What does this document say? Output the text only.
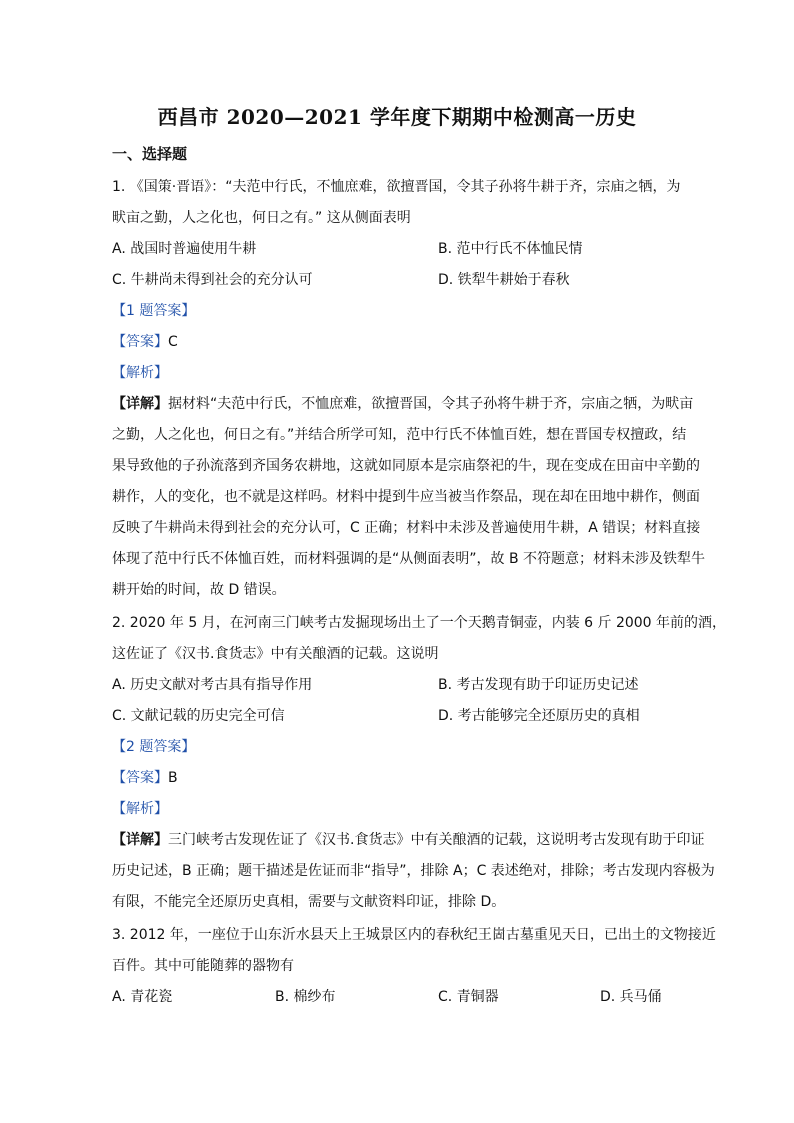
西昌市 2020—2021 学年度下期期中检测高一历史
一、选择题
1. 《国策·晋语》：“夫范中行氏，不恤庶难，欲擅晋国，令其子孙将牛耕于齐，宗庙之牺，为
畎亩之勤，人之化也，何日之有。” 这从侧面表明
A. 战国时普遍使用牛耕	B. 范中行氏不体恤民情
C. 牛耕尚未得到社会的充分认可	D. 铁犁牛耕始于春秋
【1 题答案】
【答案】C
【解析】
【详解】据材料“夫范中行氏，不恤庶难，欲擅晋国，令其子孙将牛耕于齐，宗庙之牺，为畎亩
之勤，人之化也，何日之有。”并结合所学可知，范中行氏不体恤百姓，想在晋国专权擅政，结
果导致他的子孙流落到齐国务农耕地，这就如同原本是宗庙祭祀的牛，现在变成在田亩中辛勤的
耕作，人的变化，也不就是这样吗。材料中提到牛应当被当作祭品，现在却在田地中耕作，侧面
反映了牛耕尚未得到社会的充分认可，C 正确；材料中未涉及普遍使用牛耕，A 错误；材料直接
体现了范中行氏不体恤百姓，而材料强调的是“从侧面表明”，故 B 不符题意；材料未涉及铁犁牛
耕开始的时间，故 D 错误。
2. 2020 年 5 月，在河南三门峡考古发掘现场出土了一个天鹅青铜壶，内装 6 斤 2000 年前的酒，
这佐证了《汉书.食货志》中有关酿酒的记载。这说明
A. 历史文献对考古具有指导作用	B. 考古发现有助于印证历史记述
C. 文献记载的历史完全可信	D. 考古能够完全还原历史的真相
【2 题答案】
【答案】B
【解析】
【详解】三门峡考古发现佐证了《汉书.食货志》中有关酿酒的记载，这说明考古发现有助于印证
历史记述，B 正确；题干描述是佐证而非“指导”，排除 A；C 表述绝对，排除；考古发现内容极为
有限，不能完全还原历史真相，需要与文献资料印证，排除 D。
3. 2012 年，一座位于山东沂水县天上王城景区内的春秋纪王崮古墓重见天日，已出土的文物接近
百件。其中可能随葬的器物有
A. 青花瓷	B. 棉纱布	C. 青铜器	D. 兵马俑
